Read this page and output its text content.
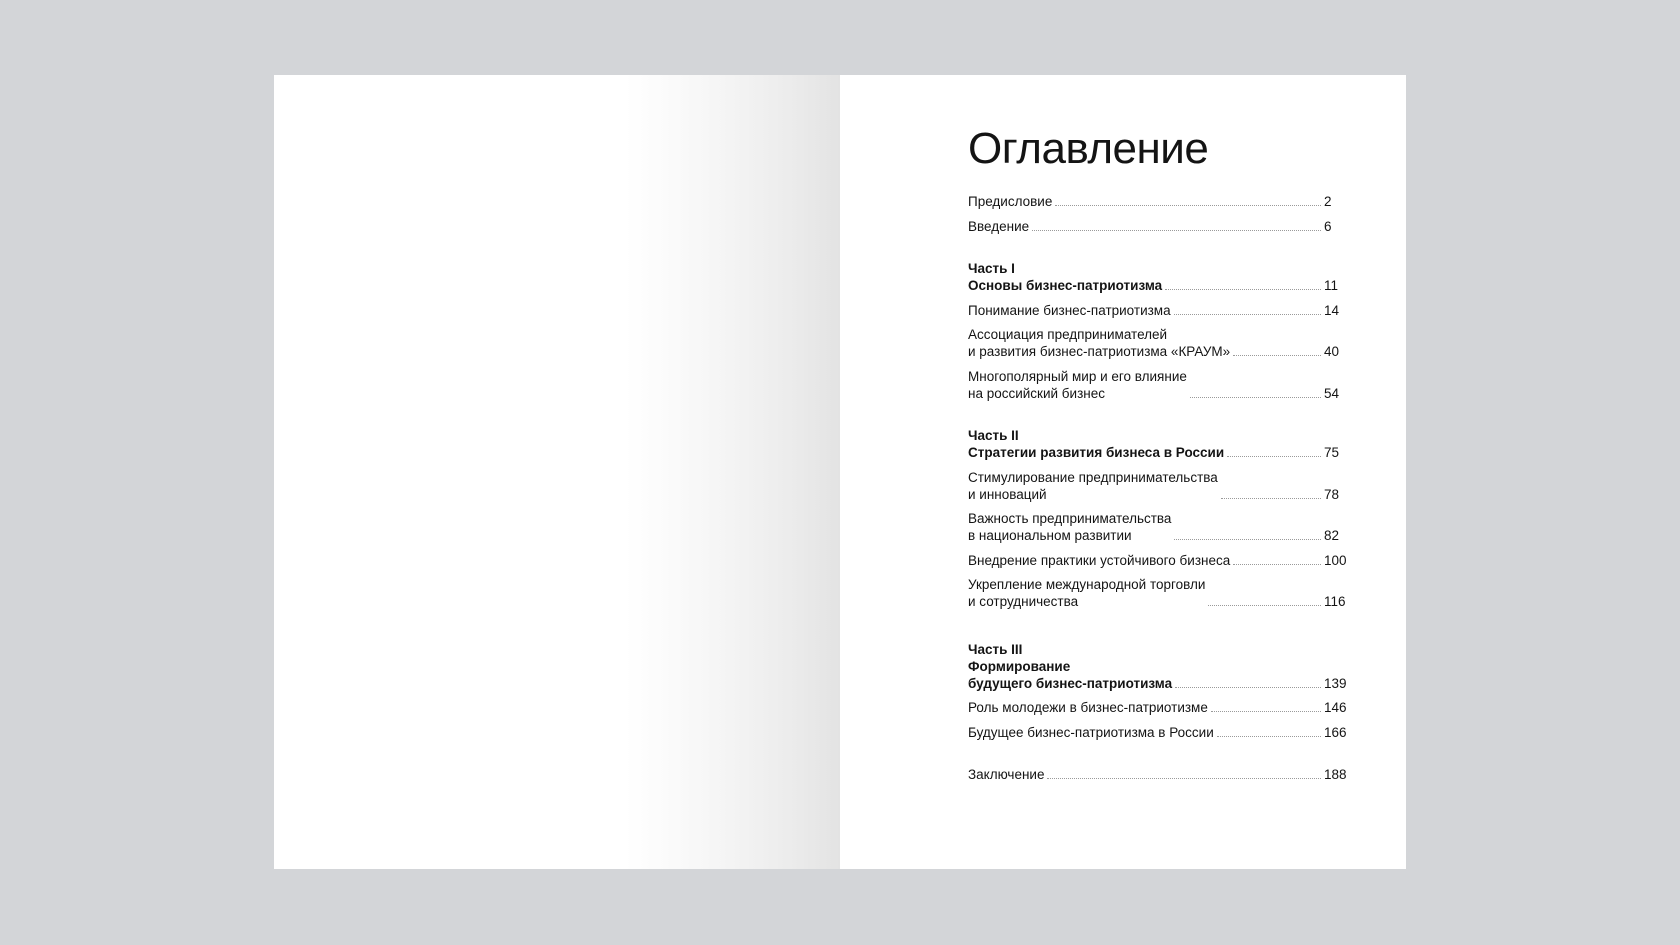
Оглавление
Предисловие	2
Введение	6
Часть I
Основы бизнес-патриотизма	11
Понимание бизнес-патриотизма	14
Ассоциация предпринимателей
и развития бизнес-патриотизма «КРАУМ»	40
Многополярный мир и его влияние
на российский бизнес	54
Часть II
Стратегии развития бизнеса в России	75
Стимулирование предпринимательства
и инноваций	78
Важность предпринимательства
в национальном развитии	82
Внедрение практики устойчивого бизнеса	100
Укрепление международной торговли
и сотрудничества	116
Часть III
Формирование
будущего бизнес-патриотизма	139
Роль молодежи в бизнес-патриотизме	146
Будущее бизнес-патриотизма в России	166
Заключение	188
